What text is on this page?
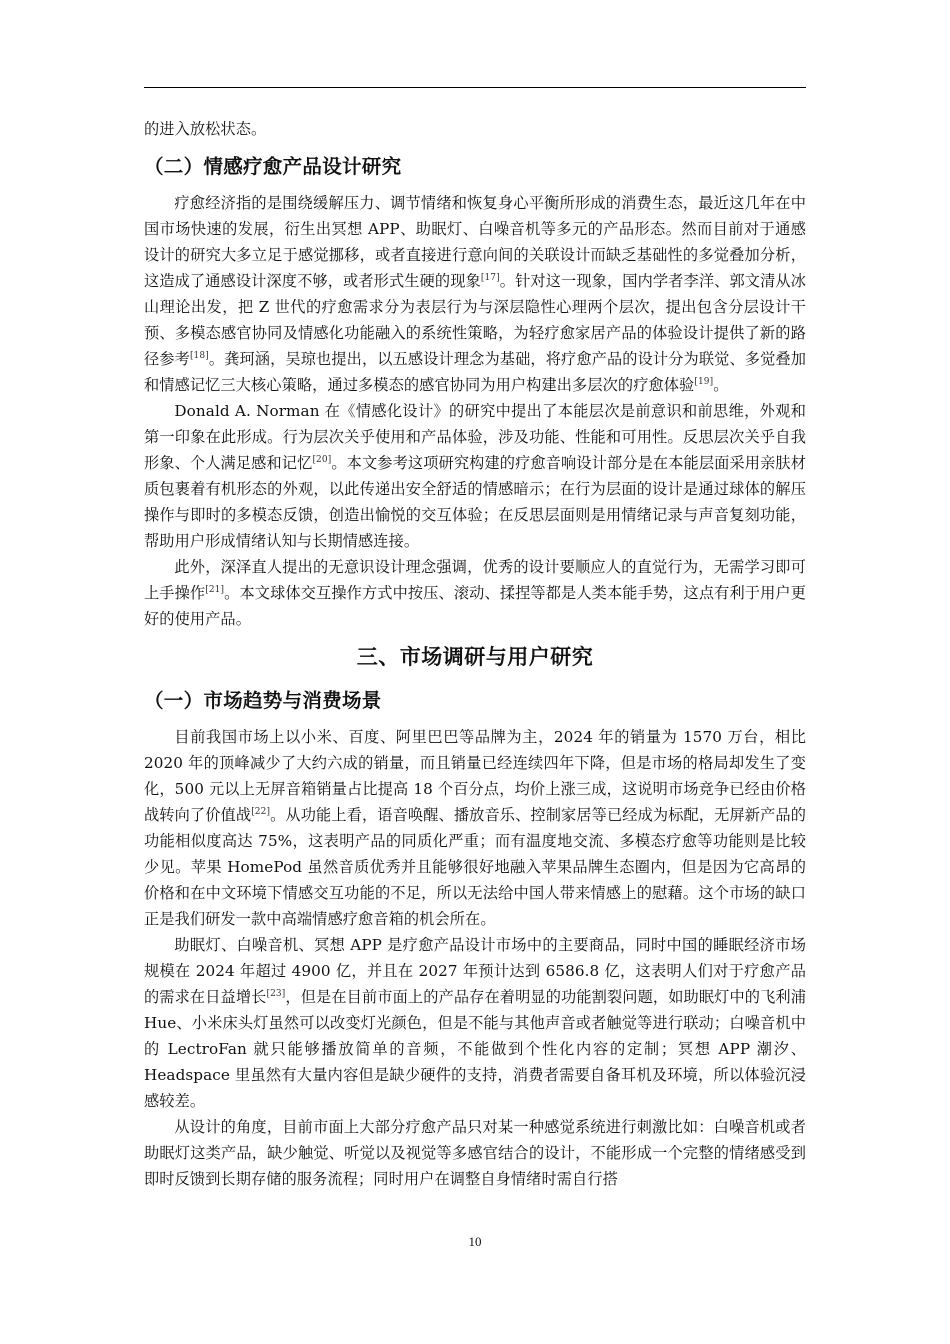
的进入放松状态。

（二）情感疗愈产品设计研究

疗愈经济指的是围绕缓解压力、调节情绪和恢复身心平衡所形成的消费生态，最近这几年在中国市场快速的发展，衍生出冥想 APP、助眠灯、白噪音机等多元的产品形态。然而目前对于通感设计的研究大多立足于感觉挪移，或者直接进行意向间的关联设计而缺乏基础性的多觉叠加分析，这造成了通感设计深度不够，或者形式生硬的现象[17]。针对这一现象，国内学者李洋、郭文清从冰山理论出发，把 Z 世代的疗愈需求分为表层行为与深层隐性心理两个层次，提出包含分层设计干预、多模态感官协同及情感化功能融入的系统性策略，为轻疗愈家居产品的体验设计提供了新的路径参考[18]。龚珂涵，吴琼也提出，以五感设计理念为基础，将疗愈产品的设计分为联觉、多觉叠加和情感记忆三大核心策略，通过多模态的感官协同为用户构建出多层次的疗愈体验[19]。

Donald A. Norman 在《情感化设计》的研究中提出了本能层次是前意识和前思维，外观和第一印象在此形成。行为层次关乎使用和产品体验，涉及功能、性能和可用性。反思层次关乎自我形象、个人满足感和记忆[20]。本文参考这项研究构建的疗愈音响设计部分是在本能层面采用亲肤材质包裹着有机形态的外观，以此传递出安全舒适的情感暗示；在行为层面的设计是通过球体的解压操作与即时的多模态反馈，创造出愉悦的交互体验；在反思层面则是用情绪记录与声音复刻功能，帮助用户形成情绪认知与长期情感连接。

此外，深泽直人提出的无意识设计理念强调，优秀的设计要顺应人的直觉行为，无需学习即可上手操作[21]。本文球体交互操作方式中按压、滚动、揉捏等都是人类本能手势，这点有利于用户更好的使用产品。

三、市场调研与用户研究
（一）市场趋势与消费场景

目前我国市场上以小米、百度、阿里巴巴等品牌为主，2024 年的销量为 1570 万台，相比 2020 年的顶峰减少了大约六成的销量，而且销量已经连续四年下降，但是市场的格局却发生了变化，500 元以上无屏音箱销量占比提高 18 个百分点，均价上涨三成，这说明市场竞争已经由价格战转向了价值战[22]。从功能上看，语音唤醒、播放音乐、控制家居等已经成为标配，无屏新产品的功能相似度高达 75%，这表明产品的同质化严重；而有温度地交流、多模态疗愈等功能则是比较少见。苹果 HomePod 虽然音质优秀并且能够很好地融入苹果品牌生态圈内，但是因为它高昂的价格和在中文环境下情感交互功能的不足，所以无法给中国人带来情感上的慰藉。这个市场的缺口正是我们研发一款中高端情感疗愈音箱的机会所在。

助眠灯、白噪音机、冥想 APP 是疗愈产品设计市场中的主要商品，同时中国的睡眠经济市场规模在 2024 年超过 4900 亿，并且在 2027 年预计达到 6586.8 亿，这表明人们对于疗愈产品的需求在日益增长[23]，但是在目前市面上的产品存在着明显的功能割裂问题，如助眠灯中的飞利浦 Hue、小米床头灯虽然可以改变灯光颜色，但是不能与其他声音或者触觉等进行联动；白噪音机中的 LectroFan 就只能够播放简单的音频，不能做到个性化内容的定制；冥想 APP 潮汐、Headspace 里虽然有大量内容但是缺少硬件的支持，消费者需要自备耳机及环境，所以体验沉浸感较差。

从设计的角度，目前市面上大部分疗愈产品只对某一种感觉系统进行刺激比如：白噪音机或者助眠灯这类产品，缺少触觉、听觉以及视觉等多感官结合的设计，不能形成一个完整的情绪感受到即时反馈到长期存储的服务流程；同时用户在调整自身情绪时需自行搭

10
